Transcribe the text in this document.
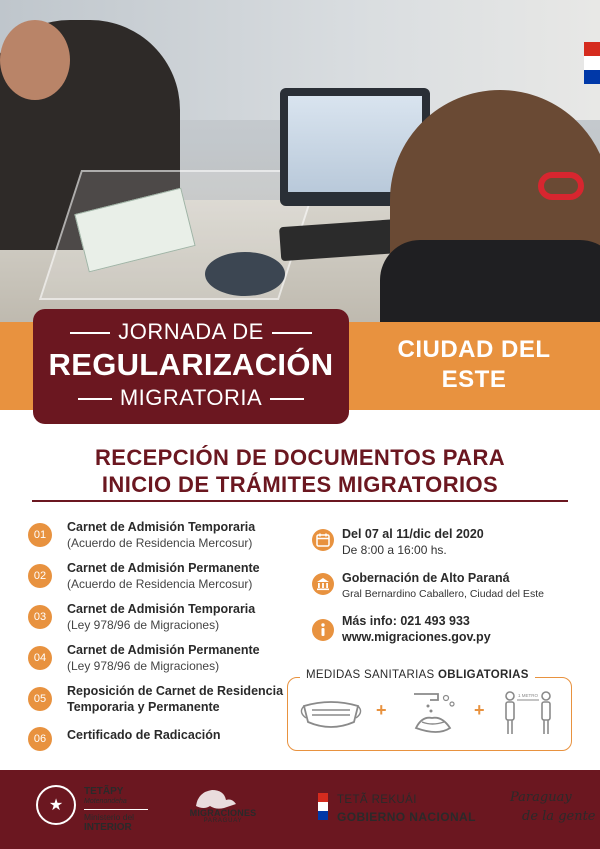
JORNADA DE
REGULARIZACIÓN
MIGRATORIA
CIUDAD DEL
ESTE
RECEPCIÓN DE DOCUMENTOS PARA
INICIO DE TRÁMITES MIGRATORIOS
01
Carnet de Admisión Temporaria
(Acuerdo de Residencia Mercosur)
02
Carnet de Admisión Permanente
(Acuerdo de Residencia Mercosur)
03
Carnet de Admisión Temporaria
(Ley 978/96 de Migraciones)
04
Carnet de Admisión Permanente
(Ley 978/96 de Migraciones)
05
Reposición de Carnet de Residencia
Temporaria y Permanente
06	Certificado de Radicación
Del 07 al 11/dic del 2020
De 8:00 a 16:00 hs.
Gobernación de Alto Paraná
Gral Bernardino Caballero, Ciudad del Este
Más info: 021 493 933
www.migraciones.gov.py
MEDIDAS SANITARIAS OBLIGATORIAS
+	+
1 METRO
★
TETÃPY
Motenondeha
Ministerio del
INTERIOR
MIGRACIONES
PARAGUAY
TETÃ REKUÁI
GOBIERNO NACIONAL
Paraguay
de la gente
